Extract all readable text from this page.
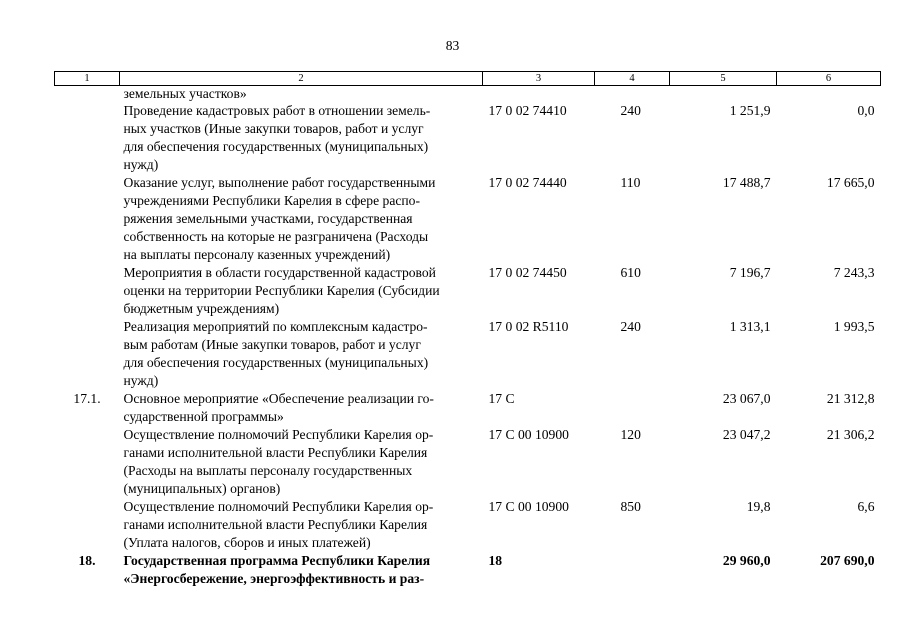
83
1	2	3	4	5	6
	земельных участков»				
	Проведение кадастровых работ в отношении земель-
ных участков (Иные закупки товаров, работ и услуг
для обеспечения государственных (муниципальных)
нужд)	17 0 02 74410	240	1 251,9	0,0
	Оказание услуг, выполнение работ государственными
учреждениями Республики Карелия в сфере распо-
ряжения земельными участками, государственная
собственность на которые не разграничена (Расходы
на выплаты персоналу казенных учреждений)	17 0 02 74440	110	17 488,7	17 665,0
	Мероприятия в области государственной кадастровой
оценки на территории Республики Карелия (Субсидии
бюджетным учреждениям)	17 0 02 74450	610	7 196,7	7 243,3
	Реализация мероприятий по комплексным кадастро-
вым работам (Иные закупки товаров, работ и услуг
для обеспечения государственных (муниципальных)
нужд)	17 0 02 R5110	240	1 313,1	1 993,5
17.1.	Основное мероприятие «Обеспечение реализации го-
сударственной программы»	17 С		23 067,0	21 312,8
	Осуществление полномочий Республики Карелия ор-
ганами исполнительной власти Республики Карелия
(Расходы на выплаты персоналу государственных
(муниципальных) органов)	17 С 00 10900	120	23 047,2	21 306,2
	Осуществление полномочий Республики Карелия ор-
ганами исполнительной власти Республики Карелия
(Уплата налогов, сборов и иных платежей)	17 С 00 10900	850	19,8	6,6
18.	Государственная программа Республики Карелия
«Энергосбережение, энергоэффективность и раз-	18		29 960,0	207 690,0
